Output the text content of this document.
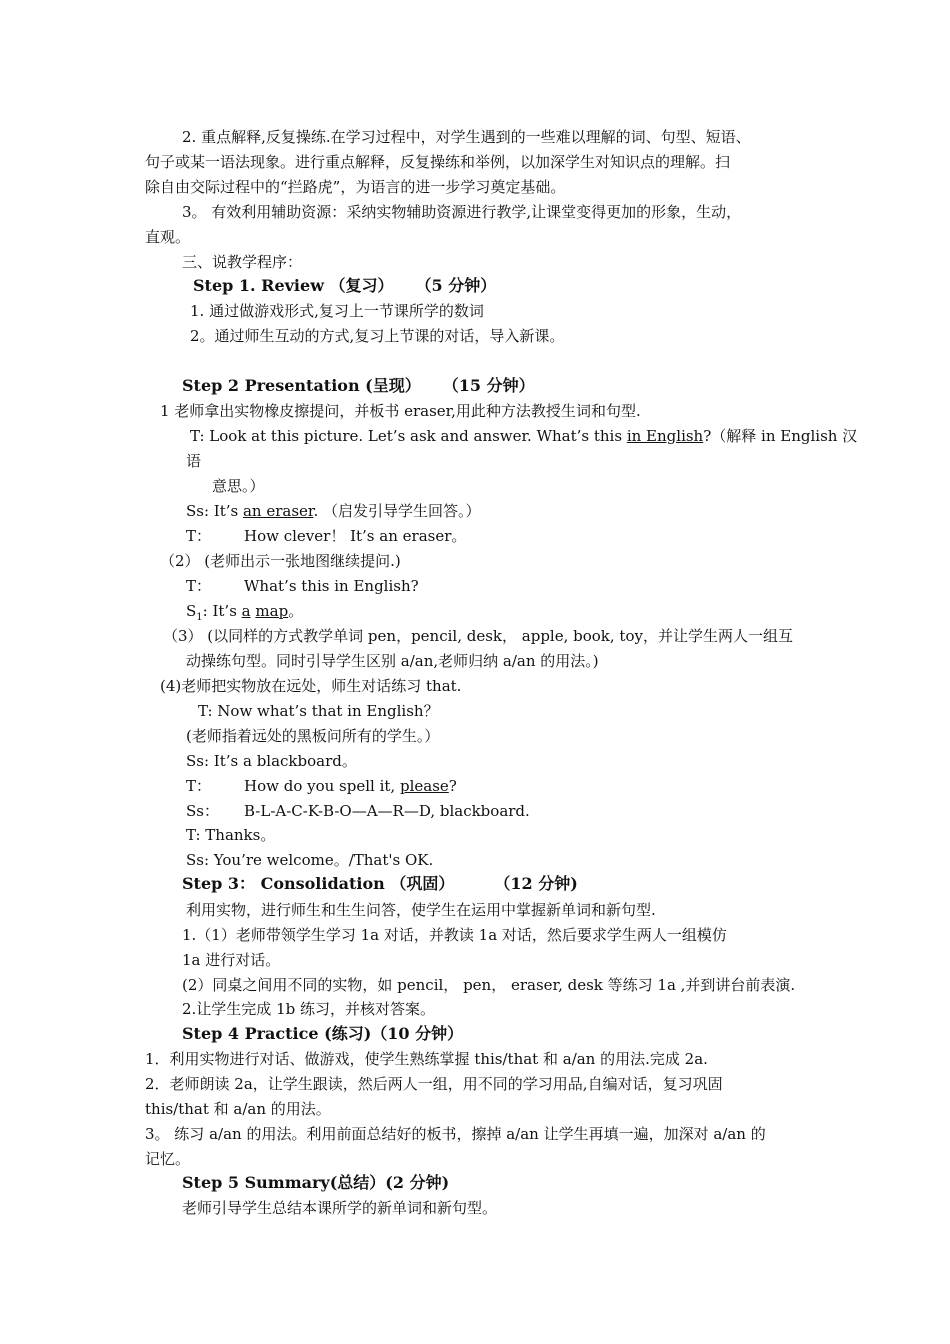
2. 重点解释,反复操练.在学习过程中，对学生遇到的一些难以理解的词、句型、短语、
句子或某一语法现象。进行重点解释，反复操练和举例，以加深学生对知识点的理解。扫
除自由交际过程中的“拦路虎”，为语言的进一步学习奠定基础。
3。 有效利用辅助资源：采纳实物辅助资源进行教学,让课堂变得更加的形象，生动，
直观。
三、说教学程序：
Step 1. Review （复习） （5 分钟）
1. 通过做游戏形式,复习上一节课所学的数词
2。通过师生互动的方式,复习上节课的对话，导入新课。
Step 2 Presentation (呈现） （15 分钟）
1 老师拿出实物橡皮擦提问，并板书 eraser,用此种方法教授生词和句型.
T: Look at this picture. Let’s ask and answer. What’s this in English?（解释 in English 汉
语
意思。）
Ss: It’s an eraser. （启发引导学生回答。）
T： How clever！ It’s an eraser。
（2） (老师出示一张地图继续提问.)
T： What’s this in English?
$S_1$: It’s a map。
（3） (以同样的方式教学单词 pen，pencil, desk， apple, book, toy，并让学生两人一组互
动操练句型。同时引导学生区别 a/an,老师归纳 a/an 的用法。)
(4)老师把实物放在远处，师生对话练习 that.
T: Now what’s that in English？
(老师指着远处的黑板问所有的学生。）
Ss: It’s a blackboard。
T： How do you spell it, please?
Ss： B-L-A-C-K-B-O—A—R—D, blackboard.
T: Thanks。
Ss: You’re welcome。/That's OK.
Step 3： Consolidation （巩固）	（12 分钟)
利用实物，进行师生和生生问答，使学生在运用中掌握新单词和新句型.
1.（1）老师带领学生学习 1a 对话，并教读 1a 对话，然后要求学生两人一组模仿
1a 进行对话。
(2）同桌之间用不同的实物，如 pencil， pen， eraser, desk 等练习 1a ,并到讲台前表演.
2.让学生完成 1b 练习，并核对答案。
Step 4 Practice (练习)（10 分钟）
1．利用实物进行对话、做游戏，使学生熟练掌握 this/that 和 a/an 的用法.完成 2a.
2．老师朗读 2a，让学生跟读，然后两人一组，用不同的学习用品,自编对话，复习巩固
this/that 和 a/an 的用法。
3。 练习 a/an 的用法。利用前面总结好的板书，擦掉 a/an 让学生再填一遍，加深对 a/an 的
记忆。
Step 5 Summary(总结）(2 分钟)
老师引导学生总结本课所学的新单词和新句型。
